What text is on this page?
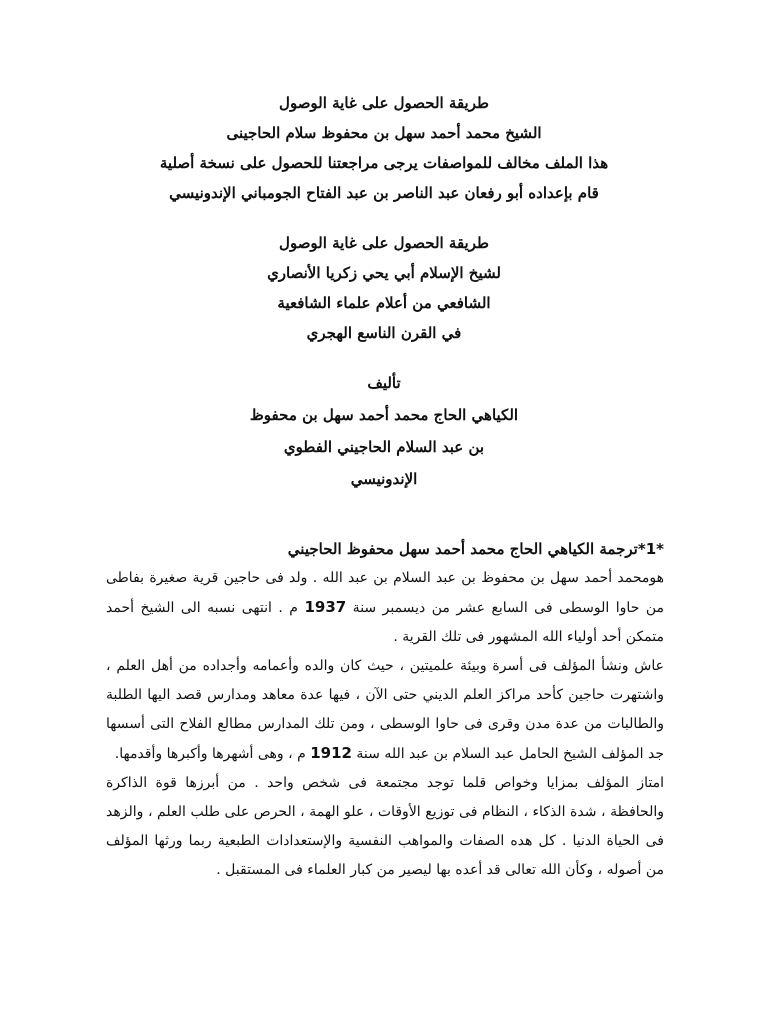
طريقة الحصول على غاية الوصول
الشيخ محمد أحمد سهل بن محفوظ سلام الحاجينى
هذا الملف مخالف للمواصفات يرجى مراجعتنا للحصول على نسخة أصلية
قام بإعداده أبو رفعان عبد الناصر بن عبد الفتاح الجومباني الإندونيسي
طريقة الحصول على غاية الوصول
لشيخ الإسلام أبي يحي زكريا الأنصاري
الشافعي من أعلام علماء الشافعية
في القرن الناسع الهجري
تأليف
الكياهي الحاج محمد أحمد سهل بن محفوظ
بن عبد السلام الحاجيني الفطوي
الإندونيسي

*1*ترجمة الكياهي الحاج محمد أحمد سهل محفوظ الحاجيني

هومحمد أحمد سهل بن محفوظ بن عبد السلام بن عبد الله . ولد فى حاجين قرية صغيرة بفاطى من حاوا الوسطى فى السابع عشر من ديسمبر سنة 1937 م . انتهى نسبه الى الشيخ أحمد متمكن أحد أولياء الله المشهور فى تلك القرية .

عاش ونشأ المؤلف فى أسرة وبيئة علميتين ، حيث كان والده وأعمامه وأجداده من أهل العلم ، واشتهرت حاجين كأحد مراكز العلم الديني حتى الآن ، فيها عدة معاهد ومدارس قصد اليها الطلبة والطالبات من عدة مدن وقرى فى حاوا الوسطى ، ومن تلك المدارس مطالع الفلاح التى أسسها جد المؤلف الشيخ الحامل عبد السلام بن عبد الله سنة 1912 م ، وهى أشهرها وأكبرها وأقدمها.

امتاز المؤلف بمزايا وخواص قلما توجد مجتمعة فى شخص واحد . من أبرزها قوة الذاكرة والحافظة ، شدة الذكاء ، النظام فى توزيع الأوقات ، علو الهمة ، الحرص على طلب العلم ، والزهد فى الحياة الدنيا . كل هده الصفات والمواهب النفسية والإستعدادات الطبعية ربما ورثها المؤلف من أصوله ، وكأن الله تعالى قد أعده بها ليصير من كبار العلماء فى المستقبل .
